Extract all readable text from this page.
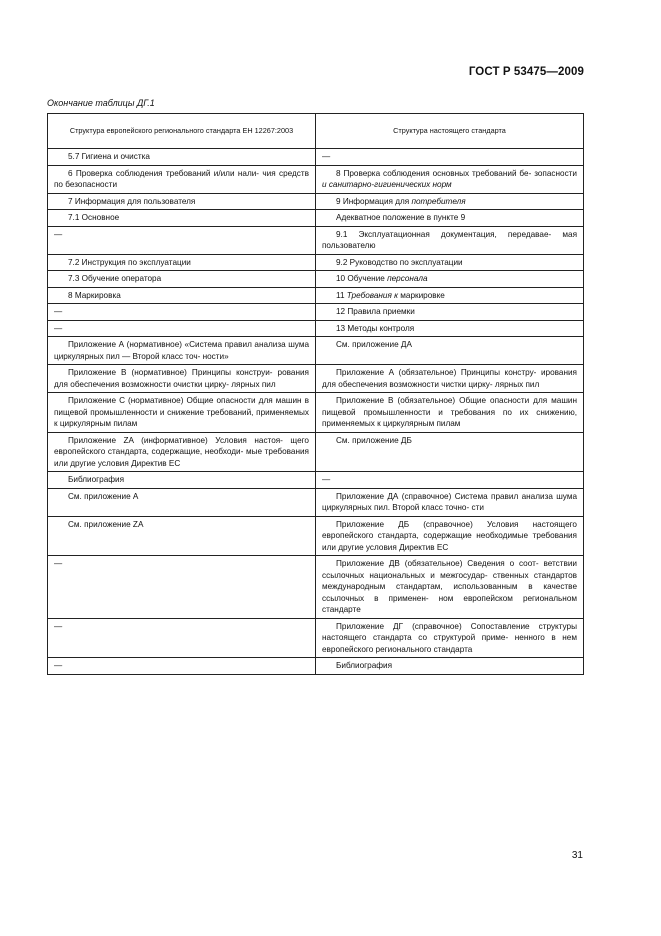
ГОСТ Р 53475—2009
Окончание таблицы ДГ.1
Структура европейского регионального стандарта ЕН 12267:2003	Структура настоящего стандарта
5.7 Гигиена и очистка	—
6 Проверка соблюдения требований и/или нали- чия средств по безопасности	8 Проверка соблюдения основных требований бе- зопасности и санитарно-гигиенических норм
7 Информация для пользователя	9 Информация для потребителя
7.1 Основное	Адекватное положение в пункте 9
—	9.1 Эксплуатационная документация, передавае- мая пользователю
7.2 Инструкция по эксплуатации	9.2 Руководство по эксплуатации
7.3 Обучение оператора	10 Обучение персонала
8 Маркировка	11 Требования к маркировке
—	12 Правила приемки
—	13 Методы контроля
Приложение А (нормативное) «Система правил анализа шума циркулярных пил — Второй класс точ- ности»	См. приложение ДА
Приложение В (нормативное) Принципы конструи- рования для обеспечения возможности очистки цирку- лярных пил	Приложение А (обязательное) Принципы констру- ирования для обеспечения возможности чистки цирку- лярных пил
Приложение С (нормативное) Общие опасности для машин в пищевой промышленности и снижение требований, применяемых к циркулярным пилам	Приложение В (обязательное) Общие опасности для машин пищевой промышленности и требования по их снижению, применяемых к циркулярным пилам
Приложение ZA (информативное) Условия настоя- щего европейского стандарта, содержащие, необходи- мые требования или другие условия Директив ЕС	См. приложение ДБ
Библиография	—
См. приложение А	Приложение ДА (справочное) Система правил анализа шума циркулярных пил. Второй класс точно- сти
См. приложение ZA	Приложение ДБ (справочное) Условия настоящего европейского стандарта, содержащие необходимые требования или другие условия Директив ЕС
—	Приложение ДВ (обязательное) Сведения о соот- ветствии ссылочных национальных и межгосудар- ственных стандартов международным стандартам, использованным в качестве ссылочных в применен- ном европейском региональном стандарте
—	Приложение ДГ (справочное) Сопоставление структуры настоящего стандарта со структурой приме- ненного в нем европейского регионального стандарта
—	Библиография
31
